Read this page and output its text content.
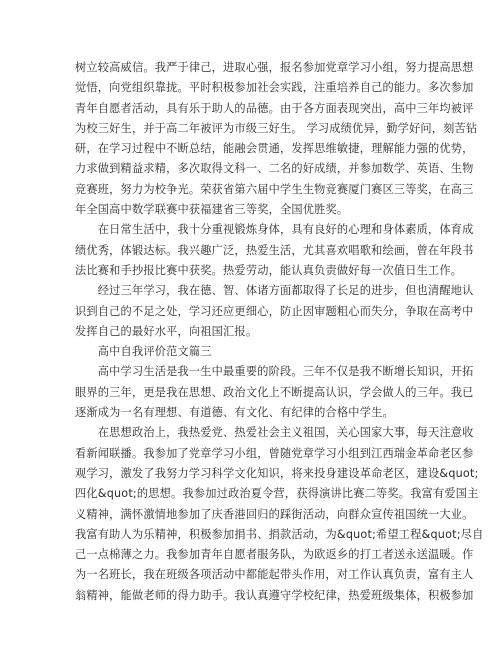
树立较高威信。我严于律己，进取心强，报名参加党章学习小组，努力提高思想
觉悟，向党组织靠拢。平时积极参加社会实践，注重培养自己的能力。多次参加
青年自愿者活动，具有乐于助人的品德。由于各方面表现突出，高中三年均被评
为校三好生，并于高二年被评为市级三好生。 学习成绩优异，勤学好问，刻苦钻
研，在学习过程中不断总结，能融会贯通，发挥思维敏捷，理解能力强的优势，
力求做到精益求精，多次取得文科一、二名的好成绩，并参加数学、英语、生物
竞赛班，努力为校争光。荣获省第六届中学生生物竞赛厦门赛区三等奖，在高三
年全国高中数学联赛中获福建省三等奖，全国优胜奖。
　　在日常生活中，我十分重视锻炼身体，具有良好的心理和身体素质，体育成
绩优秀，体锻达标。我兴趣广泛，热爱生活，尤其喜欢唱歌和绘画，曾在年段书
法比赛和手抄报比赛中获奖。热爱劳动，能认真负责做好每一次值日生工作。
　　经过三年学习，我在德、智、体诸方面都取得了长足的进步，但也清醒地认
识到自己的不足之处，学习还应更细心，防止因审题粗心而失分，争取在高考中
发挥自己的最好水平，向祖国汇报。
　　高中自我评价范文篇三
　　高中学习生活是我一生中最重要的阶段。三年不仅是我不断增长知识，开拓
眼界的三年，更是我在思想、政治文化上不断提高认识，学会做人的三年。我已
逐渐成为一名有理想、有道德、有文化、有纪律的合格中学生。
　　在思想政治上，我热爱党、热爱社会主义祖国，关心国家大事，每天注意收
看新闻联播。我参加了党章学习小组，曾随党章学习小组到江西瑞金革命老区参
观学习，激发了我努力学习科学文化知识，将来投身建设革命老区，建设&quot;
四化&quot;的思想。我参加过政治夏令营，获得演讲比赛二等奖。我富有爱国主
义精神，满怀激情地参加了庆香港回归的踩街活动，向群众宣传祖国统一大业。
我富有助人为乐精神，积极参加捐书、捐款活动，为&quot;希望工程&quot;尽自
己一点棉薄之力。我参加青年自愿者服务队，为欧返乡的打工者送永送温暖。作
为一名班长，我在班级各项活动中都能起带头作用，对工作认真负责，富有主人
翁精神，能做老师的得力助手。我认真遵守学校纪律，热爱班级集体，积极参加
